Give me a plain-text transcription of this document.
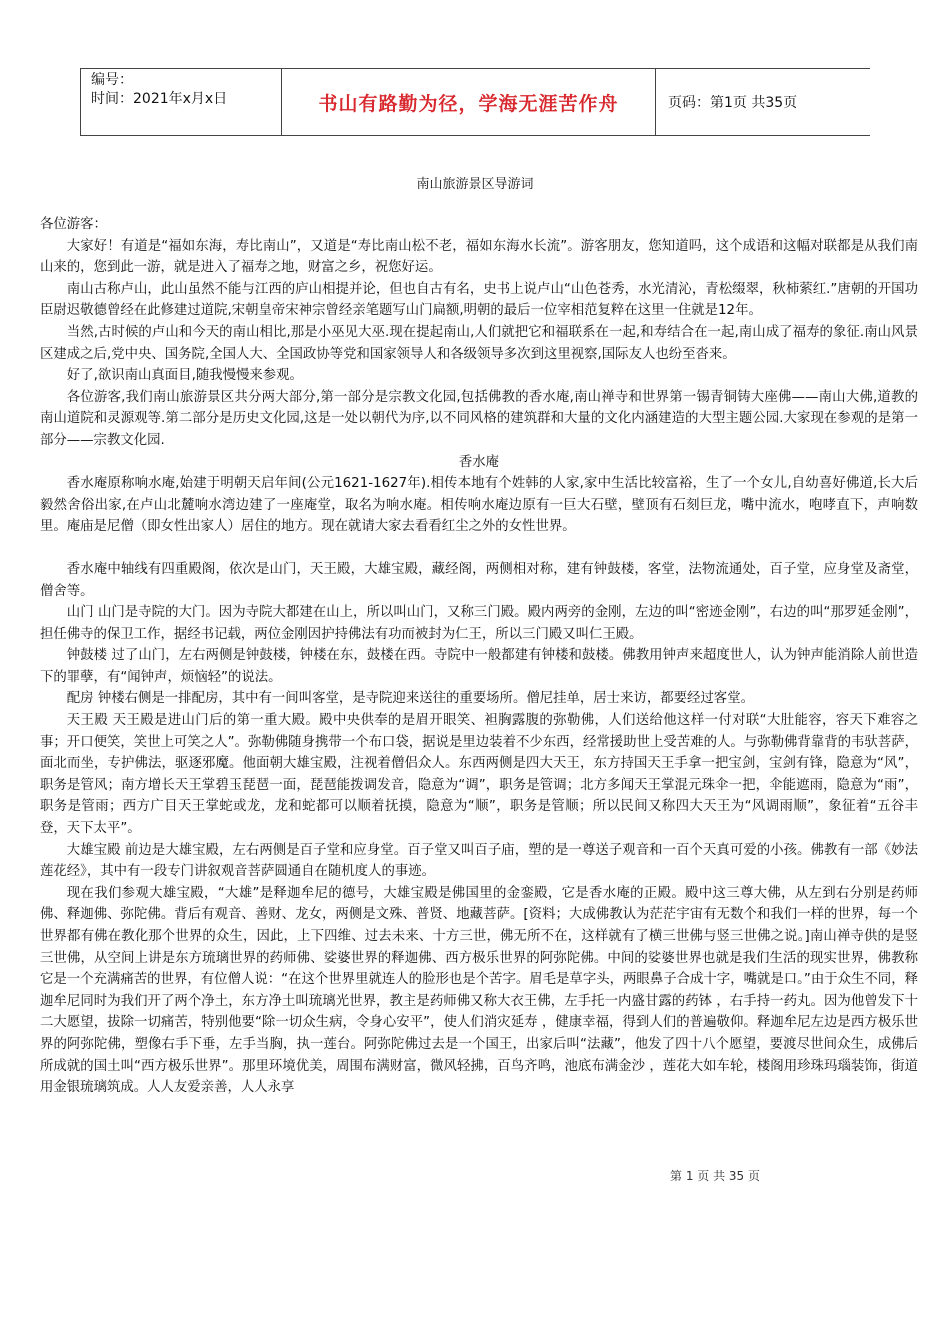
编号：
时间：2021年x月x日	书山有路勤为径，学海无涯苦作舟	页码：第1页 共35页
南山旅游景区导游词

各位游客：

大家好！有道是“福如东海，寿比南山”，又道是“寿比南山松不老，福如东海水长流”。游客朋友，您知道吗，这个成语和这幅对联都是从我们南山来的，您到此一游，就是进入了福寿之地，财富之乡，祝您好运。

南山古称卢山，此山虽然不能与江西的庐山相提并论，但也自古有名，史书上说卢山“山色苍秀，水光清沁，青松缀翠，秋柿萦红.”唐朝的开国功臣尉迟敬德曾经在此修建过道院,宋朝皇帝宋神宗曾经亲笔题写山门扁额,明朝的最后一位宰相范复粹在这里一住就是12年。

当然,古时候的卢山和今天的南山相比,那是小巫见大巫.现在提起南山,人们就把它和福联系在一起,和寿结合在一起,南山成了福寿的象征.南山风景区建成之后,党中央、国务院,全国人大、全国政协等党和国家领导人和各级领导多次到这里视察,国际友人也纷至沓来。

好了,欲识南山真面目,随我慢慢来参观。

各位游客,我们南山旅游景区共分两大部分,第一部分是宗教文化园,包括佛教的香水庵,南山禅寺和世界第一锡青铜铸大座佛——南山大佛,道教的南山道院和灵源观等.第二部分是历史文化园,这是一处以朝代为序,以不同风格的建筑群和大量的文化内涵建造的大型主题公园.大家现在参观的是第一部分——宗教文化园.

香水庵

香水庵原称响水庵,始建于明朝天启年间(公元1621-1627年).相传本地有个姓韩的人家,家中生活比较富裕，生了一个女儿,自幼喜好佛道,长大后毅然舍俗出家,在卢山北麓响水湾边建了一座庵堂，取名为响水庵。相传响水庵边原有一巨大石壁，壁顶有石刻巨龙，嘴中流水，咆哮直下，声响数里。庵庙是尼僧（即女性出家人）居住的地方。现在就请大家去看看红尘之外的女性世界。

香水庵中轴线有四重殿阁，依次是山门，天王殿，大雄宝殿，藏经阁，两侧相对称，建有钟鼓楼，客堂，法物流通处，百子堂，应身堂及斋堂，僧舍等。

山门 山门是寺院的大门。因为寺院大都建在山上，所以叫山门，又称三门殿。殿内两旁的金刚，左边的叫“密迹金刚”，右边的叫“那罗延金刚”，担任佛寺的保卫工作，据经书记载，两位金刚因护持佛法有功而被封为仁王，所以三门殿又叫仁王殿。

钟鼓楼 过了山门，左右两侧是钟鼓楼，钟楼在东，鼓楼在西。寺院中一般都建有钟楼和鼓楼。佛教用钟声来超度世人，认为钟声能消除人前世造下的罪孽，有“闻钟声，烦恼轻”的说法。

配房 钟楼右侧是一排配房，其中有一间叫客堂，是寺院迎来送往的重要场所。僧尼挂单，居士来访，都要经过客堂。

天王殿 天王殿是进山门后的第一重大殿。殿中央供奉的是眉开眼笑、袒胸露腹的弥勒佛，人们送给他这样一付对联“大肚能容，容天下难容之事；开口便笑，笑世上可笑之人”。弥勒佛随身携带一个布口袋，据说是里边装着不少东西，经常援助世上受苦难的人。与弥勒佛背靠背的韦驮菩萨，面北而坐，专护佛法，驱逐邪魔。他面朝大雄宝殿，注视着僧侣众人。东西两侧是四大天王，东方持国天王手拿一把宝剑，宝剑有锋，隐意为“风”，职务是管风；南方增长天王掌碧玉琵琶一面，琵琶能拨调发音，隐意为“调”，职务是管调；北方多闻天王掌混元珠伞一把，伞能遮雨，隐意为“雨”，职务是管雨；西方广目天王掌蛇或龙，龙和蛇都可以顺着抚摸，隐意为“顺”，职务是管顺；所以民间又称四大天王为“风调雨顺”，象征着“五谷丰登，天下太平”。

大雄宝殿 前边是大雄宝殿，左右两侧是百子堂和应身堂。百子堂又叫百子庙，塑的是一尊送子观音和一百个天真可爱的小孩。佛教有一部《妙法莲花经》，其中有一段专门讲叙观音菩萨圆通自在随机度人的事迹。

现在我们参观大雄宝殿，“大雄”是释迦牟尼的德号，大雄宝殿是佛国里的金銮殿，它是香水庵的正殿。殿中这三尊大佛，从左到右分别是药师佛、释迦佛、弥陀佛。背后有观音、善财、龙女，两侧是文殊、普贤、地藏菩萨。[资料；大成佛教认为茫茫宇宙有无数个和我们一样的世界，每一个世界都有佛在教化那个世界的众生，因此，上下四维、过去未来、十方三世，佛无所不在，这样就有了横三世佛与竖三世佛之说。]南山禅寺供的是竖三世佛，从空间上讲是东方琉璃世界的药师佛、娑婆世界的释迦佛、西方极乐世界的阿弥陀佛。中间的娑婆世界也就是我们生活的现实世界，佛教称它是一个充满痛苦的世界，有位僧人说：“在这个世界里就连人的脸形也是个苦字。眉毛是草字头，两眼鼻子合成十字，嘴就是口。”由于众生不同，释迦牟尼同时为我们开了两个净土，东方净土叫琉璃光世界，教主是药师佛又称大衣王佛，左手托一内盛甘露的药钵 ，右手持一药丸。因为他曾发下十二大愿望，拔除一切痛苦，特别他要“除一切众生病，令身心安平”，使人们消灾延寿 ，健康幸福，得到人们的普遍敬仰。释迦牟尼左边是西方极乐世界的阿弥陀佛，塑像右手下垂，左手当胸，执一莲台。阿弥陀佛过去是一个国王，出家后叫“法藏”，他发了四十八个愿望，要渡尽世间众生，成佛后所成就的国土叫“西方极乐世界”。那里环境优美，周围布满财富，微风轻拂，百鸟齐鸣，池底布满金沙 ，莲花大如车轮，楼阁用珍珠玛瑙装饰，街道用金银琉璃筑成。人人友爱亲善，人人永享

第 1 页 共 35 页
